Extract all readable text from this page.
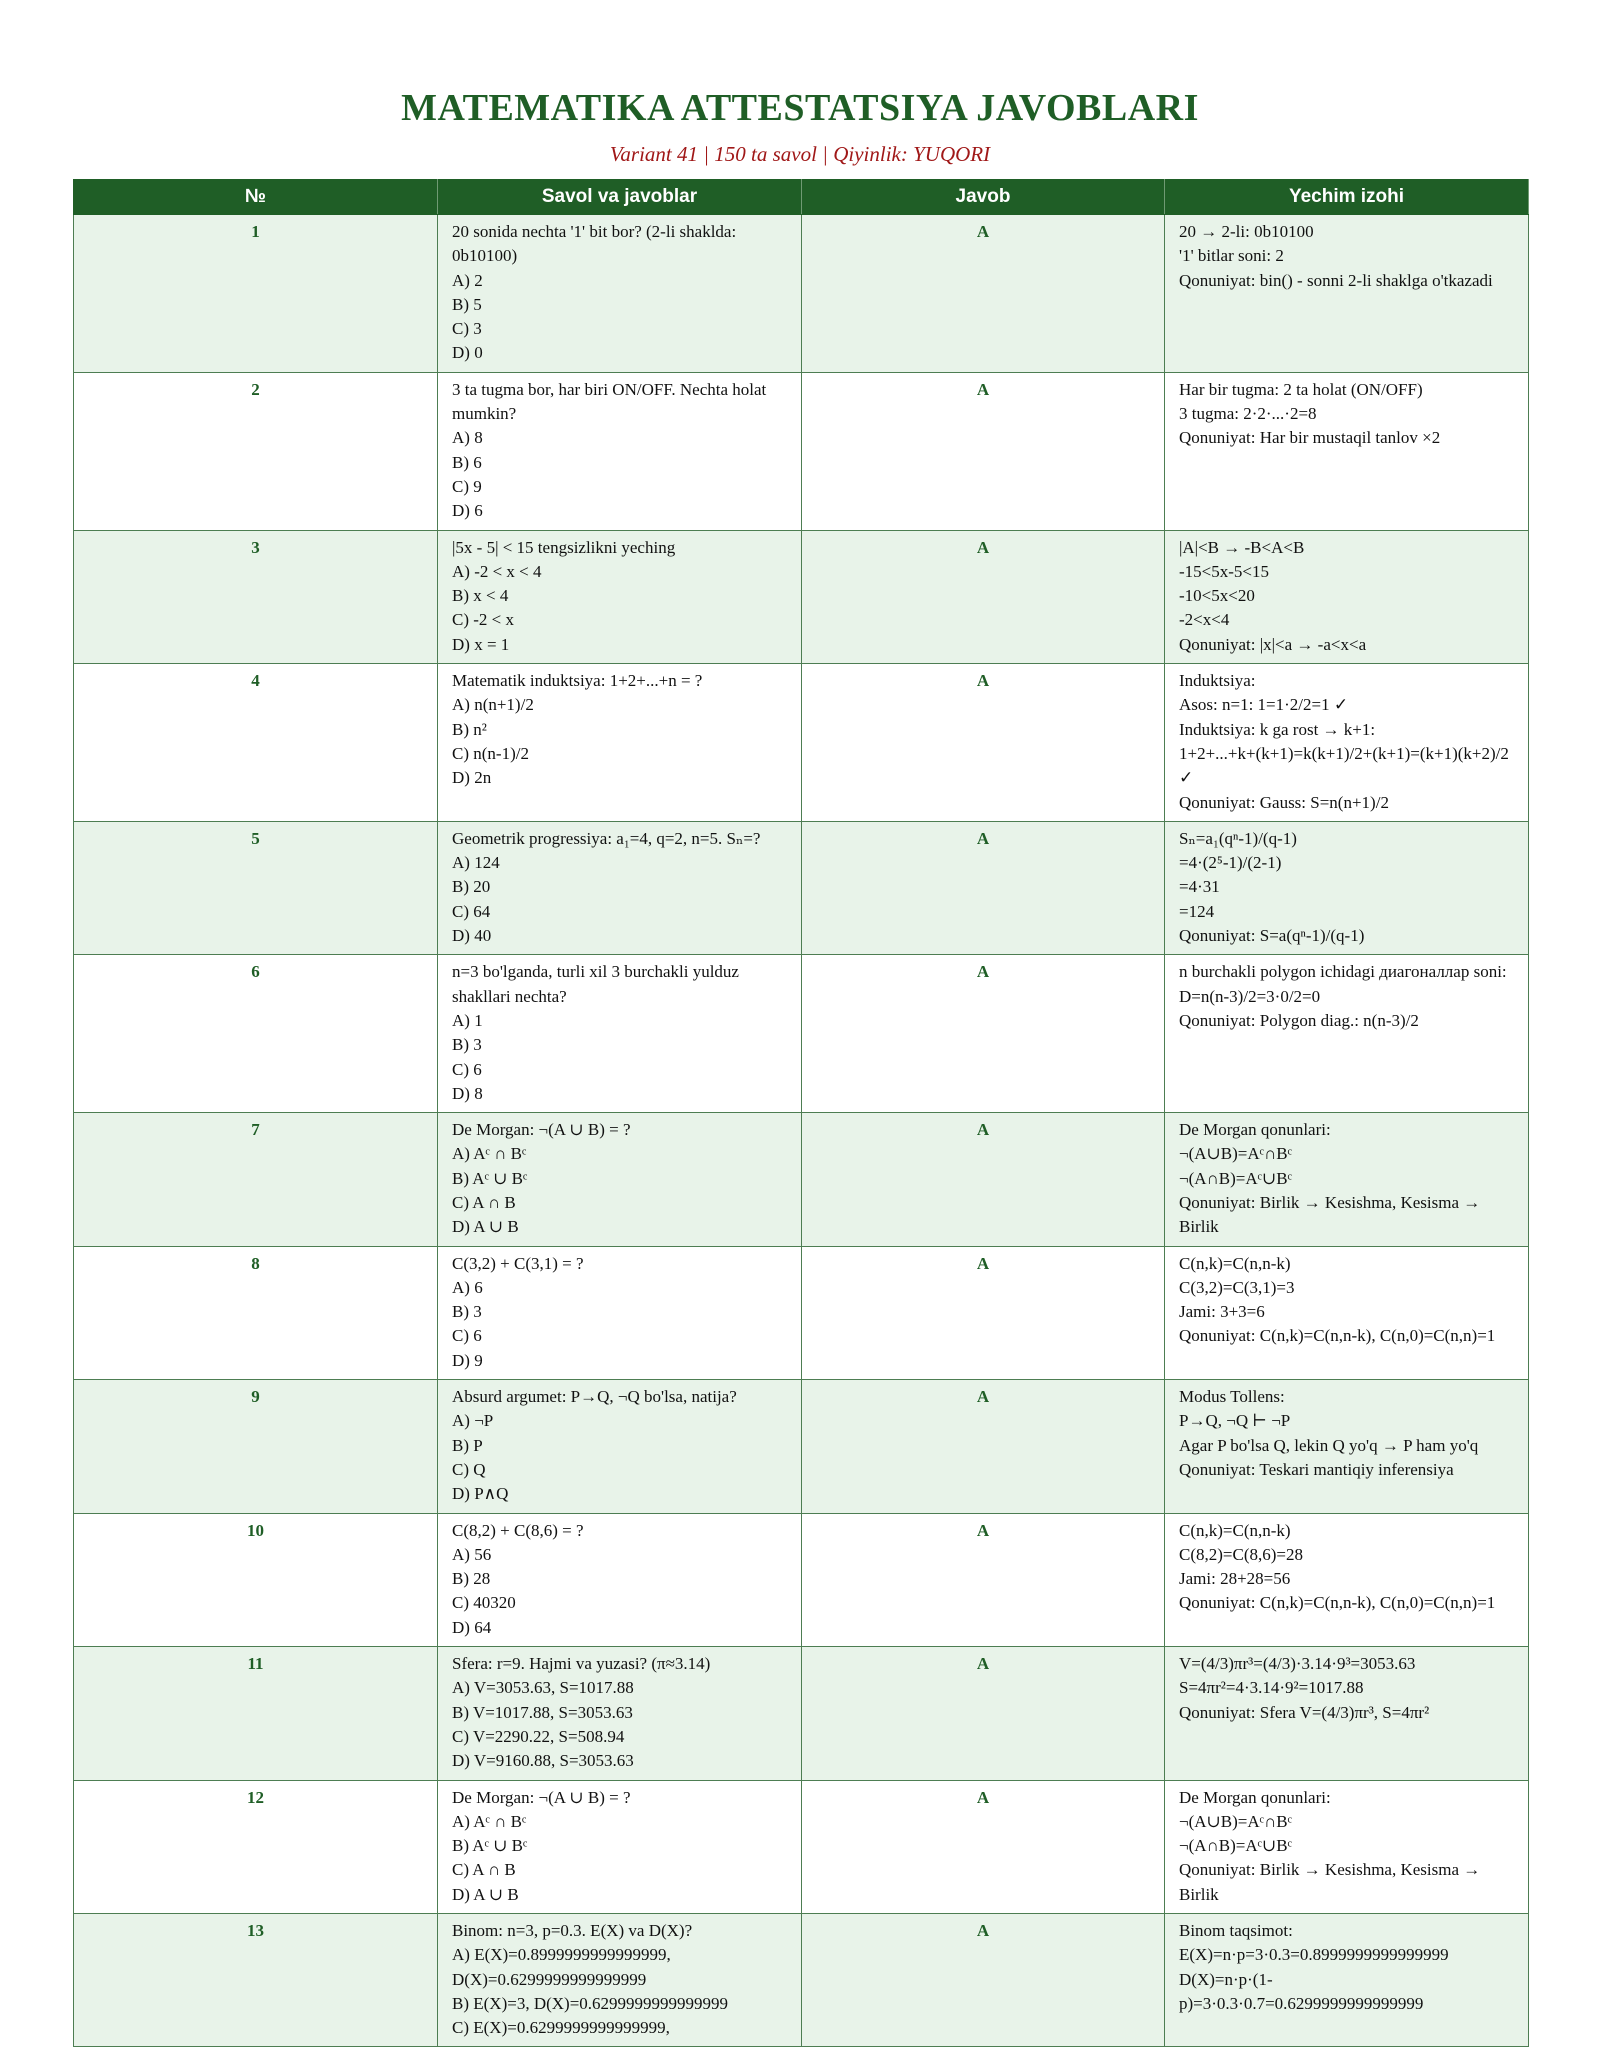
MATEMATIKA ATTESTATSIYA JAVOBLARI
Variant 41 | 150 ta savol | Qiyinlik: YUQORI
№	Savol va javoblar	Javob	Yechim izohi
1	20 sonida nechta '1' bit bor? (2-li shaklda: 0b10100)
A) 2
B) 5
C) 3
D) 0	A	20 → 2-li: 0b10100
'1' bitlar soni: 2
Qonuniyat: bin() - sonni 2-li shaklga o'tkazadi

2	3 ta tugma bor, har biri ON/OFF. Nechta holat mumkin?
A) 8
B) 6
C) 9
D) 6	A	Har bir tugma: 2 ta holat (ON/OFF)
3 tugma: 2·2·...·2=8
Qonuniyat: Har bir mustaqil tanlov ×2

3	|5x - 5| < 15 tengsizlikni yeching
A) -2 < x < 4
B) x < 4
C) -2 < x
D) x = 1	A	|A|<B → -B<A<B
-15<5x-5<15
-10<5x<20
-2<x<4
Qonuniyat: |x|<a → -a<x<a

4	Matematik induktsiya: 1+2+...+n = ?
A) n(n+1)/2
B) n²
C) n(n-1)/2
D) 2n	A	Induktsiya:
Asos: n=1: 1=1·2/2=1 ✓
Induktsiya: k ga rost → k+1:
1+2+...+k+(k+1)=k(k+1)/2+(k+1)=(k+1)(k+2)/2 ✓
Qonuniyat: Gauss: S=n(n+1)/2

5	Geometrik progressiya: a₁=4, q=2, n=5. Sₙ=?
A) 124
B) 20
C) 64
D) 40	A	Sₙ=a₁(qⁿ-1)/(q-1)
=4·(2⁵-1)/(2-1)
=4·31
=124
Qonuniyat: S=a(qⁿ-1)/(q-1)

6	n=3 bo'lganda, turli xil 3 burchakli yulduz shakllari nechta?
A) 1
B) 3
C) 6
D) 8	A	n burchakli polygon ichidagi диагоналлар soni:
D=n(n-3)/2=3·0/2=0
Qonuniyat: Polygon diag.: n(n-3)/2

7	De Morgan: ¬(A ∪ B) = ?
A) Aᶜ ∩ Bᶜ
B) Aᶜ ∪ Bᶜ
C) A ∩ B
D) A ∪ B	A	De Morgan qonunlari:
¬(A∪B)=Aᶜ∩Bᶜ
¬(A∩B)=Aᶜ∪Bᶜ
Qonuniyat: Birlik → Kesishma, Kesisma → Birlik

8	C(3,2) + C(3,1) = ?
A) 6
B) 3
C) 6
D) 9	A	C(n,k)=C(n,n-k)
C(3,2)=C(3,1)=3
Jami: 3+3=6
Qonuniyat: C(n,k)=C(n,n-k), C(n,0)=C(n,n)=1

9	Absurd argumet: P→Q, ¬Q bo'lsa, natija?
A) ¬P
B) P
C) Q
D) P∧Q	A	Modus Tollens:
P→Q, ¬Q ⊢ ¬P
Agar P bo'lsa Q, lekin Q yo'q → P ham yo'q
Qonuniyat: Teskari mantiqiy inferensiya

10	C(8,2) + C(8,6) = ?
A) 56
B) 28
C) 40320
D) 64	A	C(n,k)=C(n,n-k)
C(8,2)=C(8,6)=28
Jami: 28+28=56
Qonuniyat: C(n,k)=C(n,n-k), C(n,0)=C(n,n)=1

11	Sfera: r=9. Hajmi va yuzasi? (π≈3.14)
A) V=3053.63, S=1017.88
B) V=1017.88, S=3053.63
C) V=2290.22, S=508.94
D) V=9160.88, S=3053.63	A	V=(4/3)πr³=(4/3)·3.14·9³=3053.63
S=4πr²=4·3.14·9²=1017.88
Qonuniyat: Sfera V=(4/3)πr³, S=4πr²

12	De Morgan: ¬(A ∪ B) = ?
A) Aᶜ ∩ Bᶜ
B) Aᶜ ∪ Bᶜ
C) A ∩ B
D) A ∪ B	A	De Morgan qonunlari:
¬(A∪B)=Aᶜ∩Bᶜ
¬(A∩B)=Aᶜ∪Bᶜ
Qonuniyat: Birlik → Kesishma, Kesisma → Birlik

13	Binom: n=3, p=0.3. E(X) va D(X)?
A) E(X)=0.8999999999999999, D(X)=0.6299999999999999
B) E(X)=3, D(X)=0.6299999999999999
C) E(X)=0.6299999999999999,	A	Binom taqsimot:
E(X)=n·p=3·0.3=0.8999999999999999
D(X)=n·p·(1-p)=3·0.3·0.7=0.6299999999999999
